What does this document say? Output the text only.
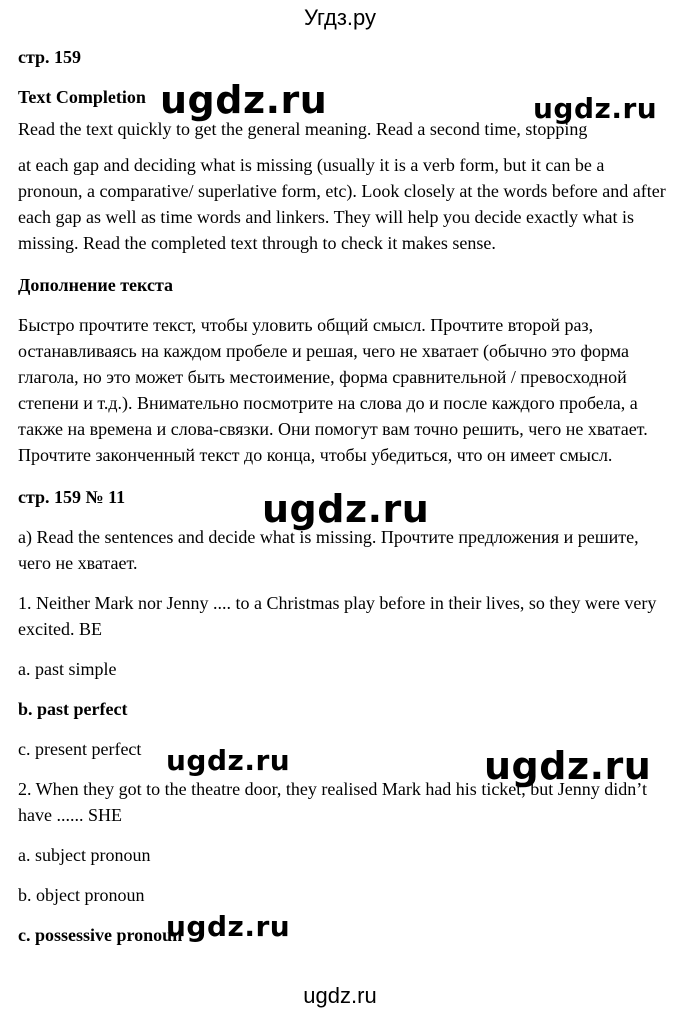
Угдз.ру

стр. 159

Text Completion

Read the text quickly to get the general meaning. Read a second time, stopping

at each gap and deciding what is missing (usually it is a verb form, but it can be a pronoun, a comparative/ superlative form, etc). Look closely at the words before and after each gap as well as time words and linkers. They will help you decide exactly what is missing. Read the completed text through to check it makes sense.

Дополнение текста

Быстро прочтите текст, чтобы уловить общий смысл. Прочтите второй раз, останавливаясь на каждом пробеле и решая, чего не хватает (обычно это форма глагола, но это может быть местоимение, форма сравнительной / превосходной степени и т.д.). Внимательно посмотрите на слова до и после каждого пробела, а также на времена и слова-связки. Они помогут вам точно решить, чего не хватает. Прочтите законченный текст до конца, чтобы убедиться, что он имеет смысл.

стр. 159 № 11

a) Read the sentences and decide what is missing. Прочтите предложения и решите, чего не хватает.

1. Neither Mark nor Jenny .... to a Christmas play before in their lives, so they were very excited. BE

a. past simple

b. past perfect

c. present perfect

2. When they got to the theatre door, they realised Mark had his ticket, but Jenny didn’t have ...... SHE

a. subject pronoun

b. object pronoun

c. possessive pronoun

ugdz.ru	ugdz.ru
ugdz.ru
ugdz.ru	ugdz.ru
ugdz.ru
ugdz.ru
